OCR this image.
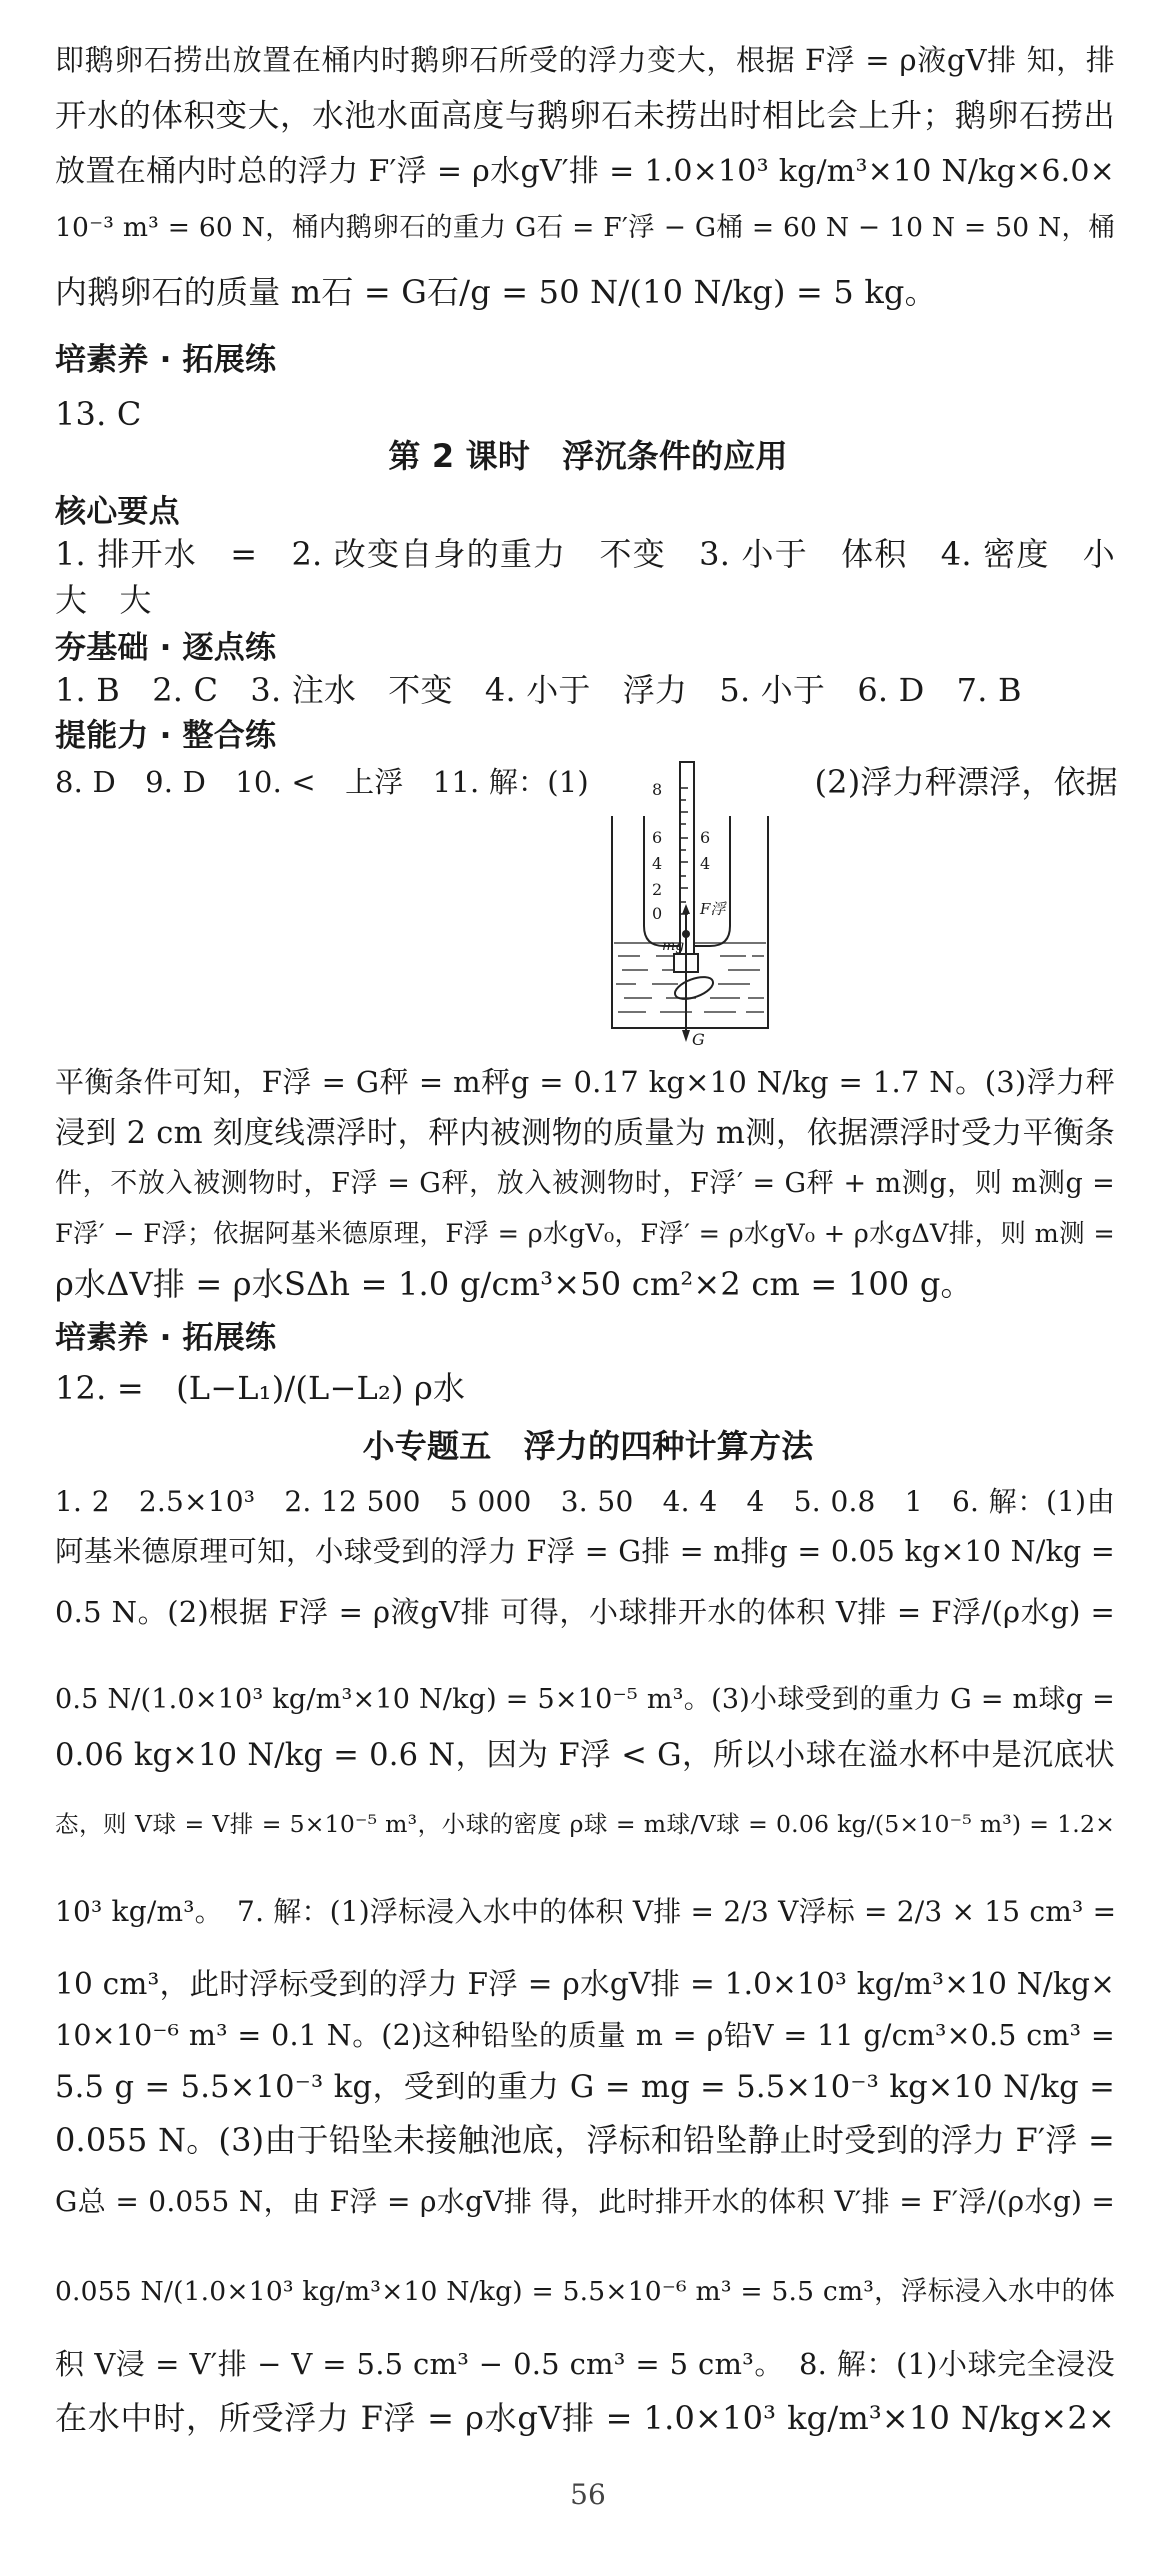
即鹅卵石捞出放置在桶内时鹅卵石所受的浮力变大，根据 F浮 = ρ液gV排 知，排
开水的体积变大，水池水面高度与鹅卵石未捞出时相比会上升；鹅卵石捞出
放置在桶内时总的浮力 F′浮 = ρ水gV′排 = 1.0×10³ kg/m³×10 N/kg×6.0×
10⁻³ m³ = 60 N，桶内鹅卵石的重力 G石 = F′浮 − G桶 = 60 N − 10 N = 50 N，桶
内鹅卵石的质量 m石 = G石/g = 50 N/(10 N/kg) = 5 kg。
培素养 · 拓展练
13. C
第 2 课时　浮沉条件的应用
核心要点
1. 排开水　=　2. 改变自身的重力　不变　3. 小于　体积　4. 密度　小
大　大
夯基础 · 逐点练
1. B　2. C　3. 注水　不变　4. 小于　浮力　5. 小于　6. D　7. B
提能力 · 整合练
8. D　9. D　10. <　上浮　11. 解：(1)	(2)浮力秤漂浮，依据
8
6
4
2
0
6
4
F浮
mg
G
平衡条件可知，F浮 = G秤 = m秤g = 0.17 kg×10 N/kg = 1.7 N。(3)浮力秤
浸到 2 cm 刻度线漂浮时，秤内被测物的质量为 m测，依据漂浮时受力平衡条
件，不放入被测物时，F浮 = G秤，放入被测物时，F浮′ = G秤 + m测g，则 m测g =
F浮′ − F浮；依据阿基米德原理，F浮 = ρ水gV₀，F浮′ = ρ水gV₀ + ρ水gΔV排，则 m测 =
ρ水ΔV排 = ρ水SΔh = 1.0 g/cm³×50 cm²×2 cm = 100 g。
培素养 · 拓展练
12. =　(L−L₁)/(L−L₂) ρ水
小专题五　浮力的四种计算方法
1. 2　2.5×10³　2. 12 500　5 000　3. 50　4. 4　4　5. 0.8　1　6. 解：(1)由
阿基米德原理可知，小球受到的浮力 F浮 = G排 = m排g = 0.05 kg×10 N/kg =
0.5 N。(2)根据 F浮 = ρ液gV排 可得，小球排开水的体积 V排 = F浮/(ρ水g) =
0.5 N/(1.0×10³ kg/m³×10 N/kg) = 5×10⁻⁵ m³。(3)小球受到的重力 G = m球g =
0.06 kg×10 N/kg = 0.6 N，因为 F浮 < G，所以小球在溢水杯中是沉底状
态，则 V球 = V排 = 5×10⁻⁵ m³，小球的密度 ρ球 = m球/V球 = 0.06 kg/(5×10⁻⁵ m³) = 1.2×
10³ kg/m³。　7. 解：(1)浮标浸入水中的体积 V排 = 2/3 V浮标 = 2/3 × 15 cm³ =
10 cm³，此时浮标受到的浮力 F浮 = ρ水gV排 = 1.0×10³ kg/m³×10 N/kg×
10×10⁻⁶ m³ = 0.1 N。(2)这种铅坠的质量 m = ρ铅V = 11 g/cm³×0.5 cm³ =
5.5 g = 5.5×10⁻³ kg，受到的重力 G = mg = 5.5×10⁻³ kg×10 N/kg =
0.055 N。(3)由于铅坠未接触池底，浮标和铅坠静止时受到的浮力 F′浮 =
G总 = 0.055 N，由 F浮 = ρ水gV排 得，此时排开水的体积 V′排 = F′浮/(ρ水g) =
0.055 N/(1.0×10³ kg/m³×10 N/kg) = 5.5×10⁻⁶ m³ = 5.5 cm³，浮标浸入水中的体
积 V浸 = V′排 − V = 5.5 cm³ − 0.5 cm³ = 5 cm³。　8. 解：(1)小球完全浸没
在水中时，所受浮力 F浮 = ρ水gV排 = 1.0×10³ kg/m³×10 N/kg×2×
56
